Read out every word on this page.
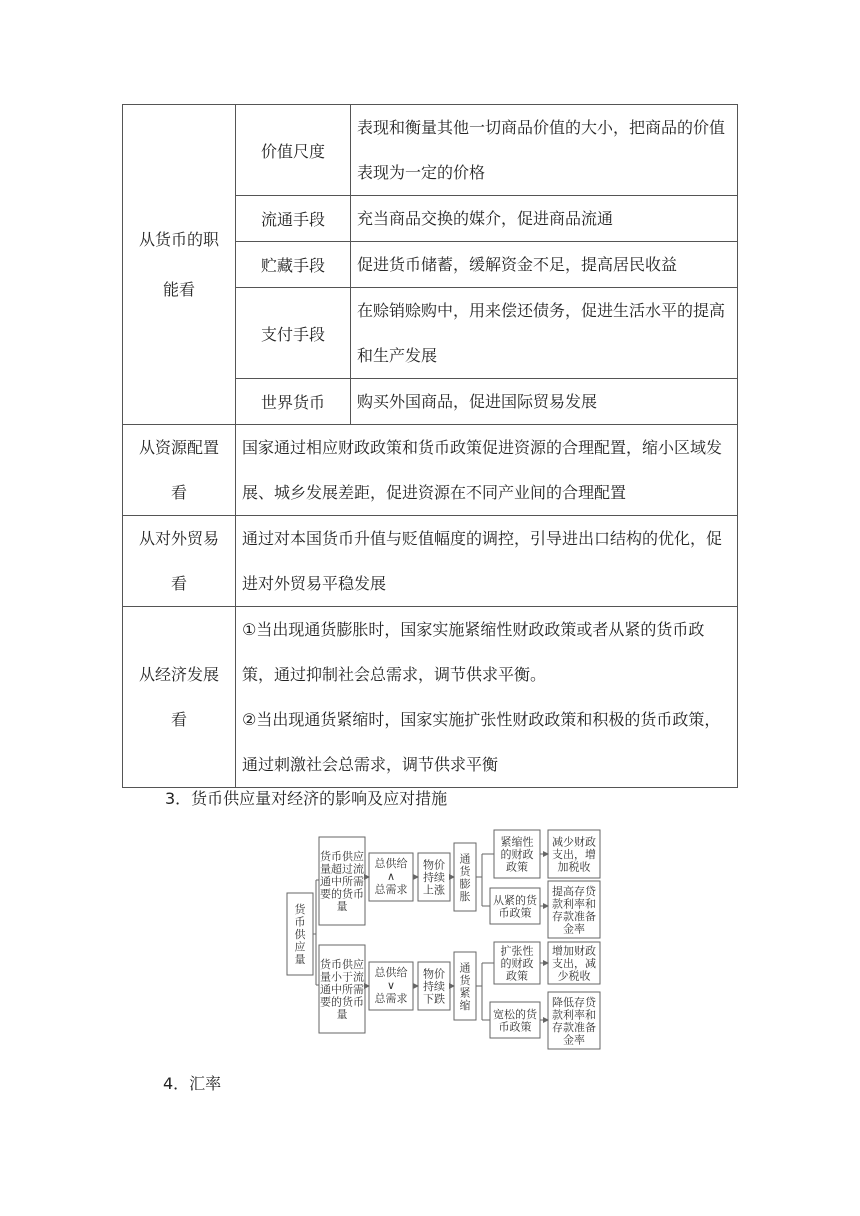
从货币的职能看	价值尺度	表现和衡量其他一切商品价值的大小，把商品的价值表现为一定的价格
	流通手段	充当商品交换的媒介，促进商品流通
	贮藏手段	促进货币储蓄，缓解资金不足，提高居民收益
	支付手段	在赊销赊购中，用来偿还债务，促进生活水平的提高和生产发展
	世界货币	购买外国商品，促进国际贸易发展
从资源配置看	国家通过相应财政政策和货币政策促进资源的合理配置，缩小区域发展、城乡发展差距，促进资源在不同产业间的合理配置	
从对外贸易看	通过对本国货币升值与贬值幅度的调控，引导进出口结构的优化，促进对外贸易平稳发展	
从经济发展看	①当出现通货膨胀时，国家实施紧缩性财政政策或者从紧的货币政策，通过抑制社会总需求，调节供求平衡。
②当出现通货紧缩时，国家实施扩张性财政政策和积极的货币政策，通过刺激社会总需求，调节供求平衡	
3．货币供应量对经济的影响及应对措施
货币供应量
货币供应量超过流通中所需要的货币量
总供给∧总需求
物价持续上涨
通货膨胀
紧缩性的财政政策
减少财政支出，增加税收
从紧的货币政策
提高存贷款利率和存款准备金率
货币供应量小于流通中所需要的货币量
总供给∨总需求
物价持续下跌
通货紧缩
扩张性的财政政策
增加财政支出，减少税收
宽松的货币政策
降低存贷款利率和存款准备金率
4．汇率
